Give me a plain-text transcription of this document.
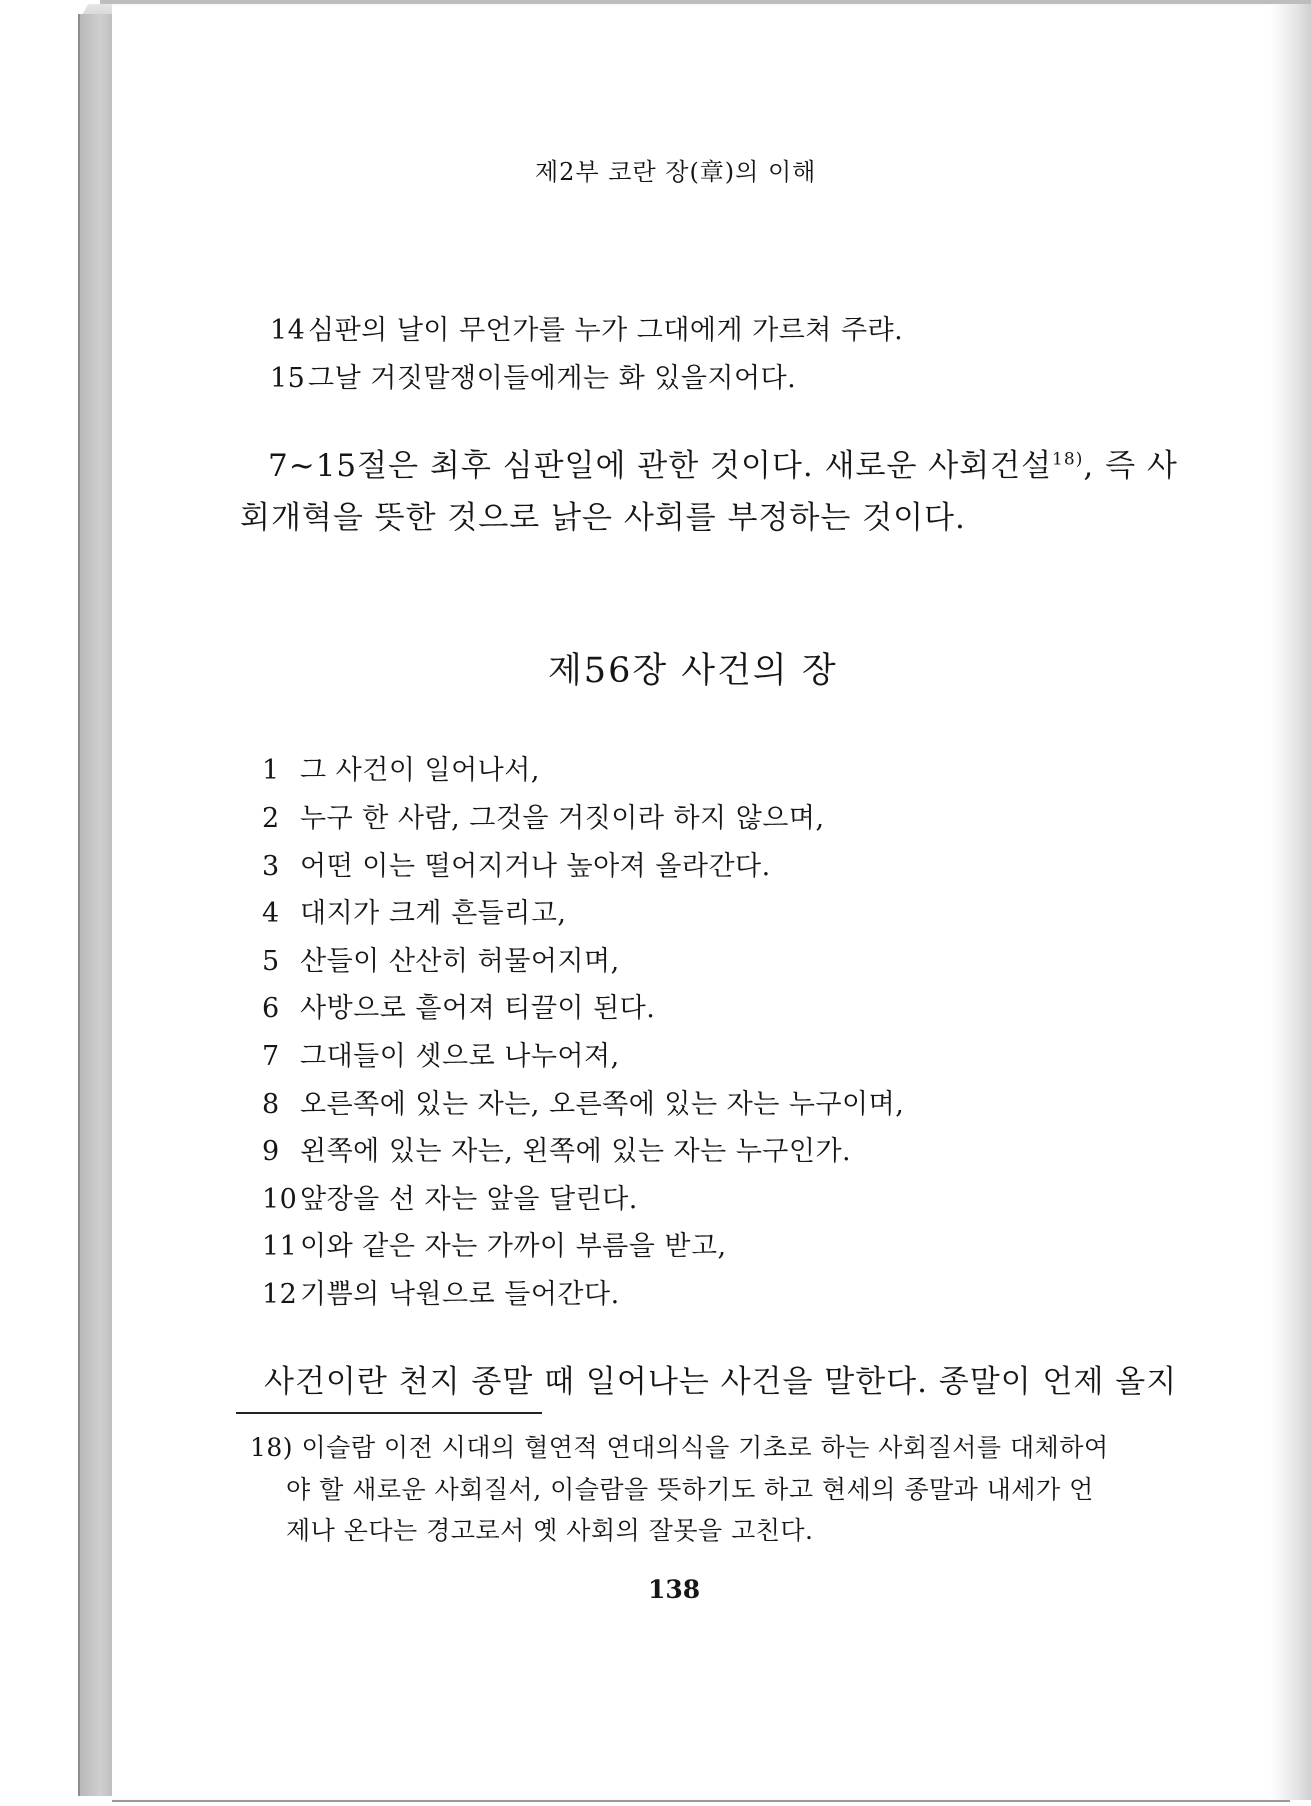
제2부 코란 장(章)의 이해
14심판의 날이 무언가를 누가 그대에게 가르쳐 주랴.
15그날 거짓말쟁이들에게는 화 있을지어다.
7~15절은 최후 심판일에 관한 것이다. 새로운 사회건설$^{18)}$, 즉 사
회개혁을 뜻한 것으로 낡은 사회를 부정하는 것이다.
제56장 사건의 장
1 그 사건이 일어나서,
2 누구 한 사람, 그것을 거짓이라 하지 않으며,
3 어떤 이는 떨어지거나 높아져 올라간다.
4 대지가 크게 흔들리고,
5 산들이 산산히 허물어지며,
6 사방으로 흩어져 티끌이 된다.
7 그대들이 셋으로 나누어져,
8 오른쪽에 있는 자는, 오른쪽에 있는 자는 누구이며,
9 왼쪽에 있는 자는, 왼쪽에 있는 자는 누구인가.
10앞장을 선 자는 앞을 달린다.
11이와 같은 자는 가까이 부름을 받고,
12기쁨의 낙원으로 들어간다.
사건이란 천지 종말 때 일어나는 사건을 말한다. 종말이 언제 올지
18) 이슬람 이전 시대의 혈연적 연대의식을 기초로 하는 사회질서를 대체하여
야 할 새로운 사회질서, 이슬람을 뜻하기도 하고 현세의 종말과 내세가 언
제나 온다는 경고로서 옛 사회의 잘못을 고친다.
138
